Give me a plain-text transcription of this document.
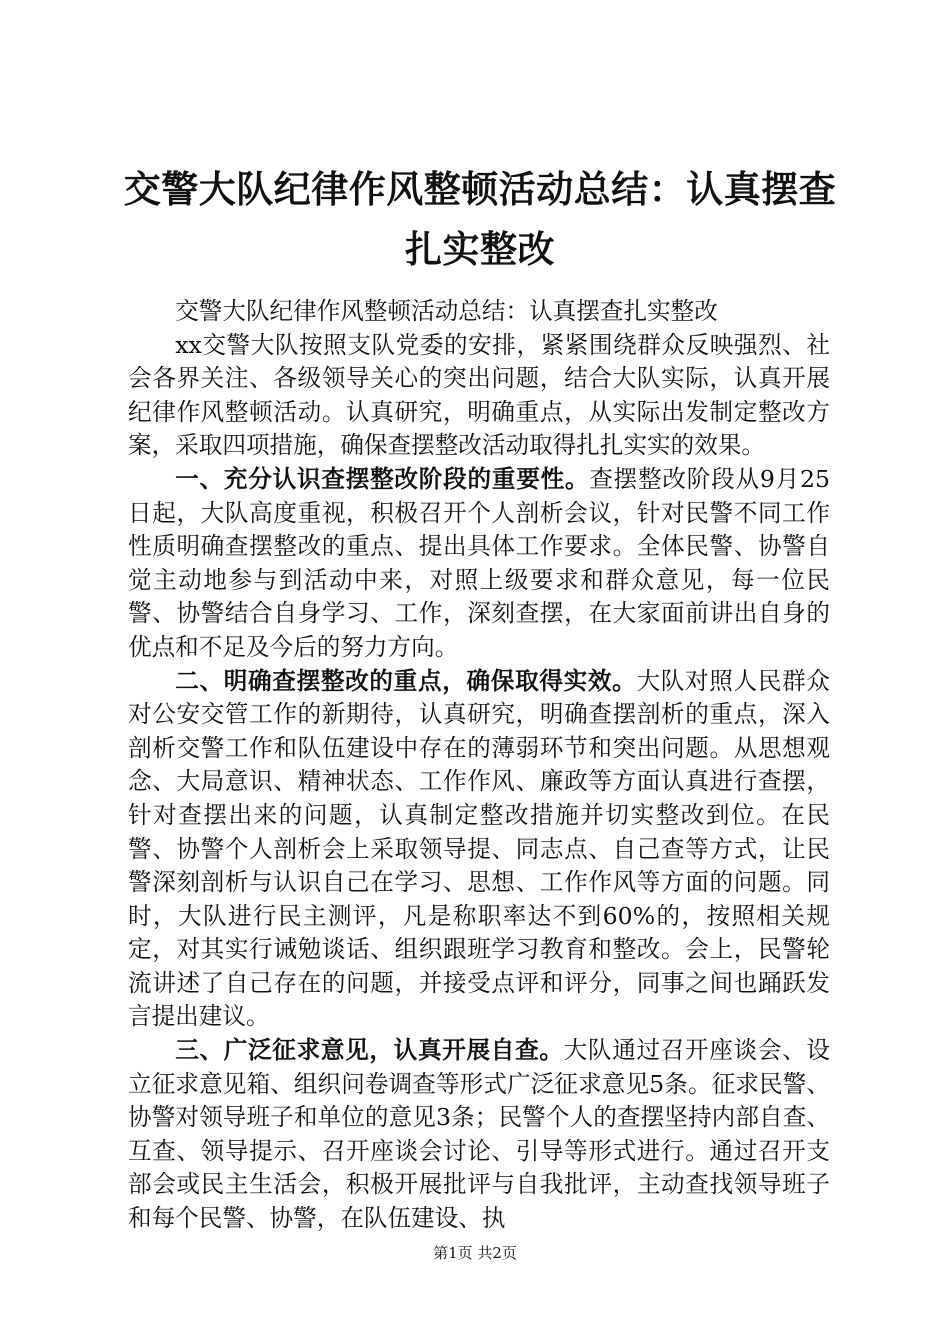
交警大队纪律作风整顿活动总结：认真摆查扎实整改

交警大队纪律作风整顿活动总结：认真摆查扎实整改

xx交警大队按照支队党委的安排，紧紧围绕群众反映强烈、社会各界关注、各级领导关心的突出问题，结合大队实际，认真开展纪律作风整顿活动。认真研究，明确重点，从实际出发制定整改方案，采取四项措施，确保查摆整改活动取得扎扎实实的效果。

一、充分认识查摆整改阶段的重要性。查摆整改阶段从9月25日起，大队高度重视，积极召开个人剖析会议，针对民警不同工作性质明确查摆整改的重点、提出具体工作要求。全体民警、协警自觉主动地参与到活动中来，对照上级要求和群众意见，每一位民警、协警结合自身学习、工作，深刻查摆，在大家面前讲出自身的优点和不足及今后的努力方向。

二、明确查摆整改的重点，确保取得实效。大队对照人民群众对公安交管工作的新期待，认真研究，明确查摆剖析的重点，深入剖析交警工作和队伍建设中存在的薄弱环节和突出问题。从思想观念、大局意识、精神状态、工作作风、廉政等方面认真进行查摆，针对查摆出来的问题，认真制定整改措施并切实整改到位。在民警、协警个人剖析会上采取领导提、同志点、自己查等方式，让民警深刻剖析与认识自己在学习、思想、工作作风等方面的问题。同时，大队进行民主测评，凡是称职率达不到60%的，按照相关规定，对其实行诫勉谈话、组织跟班学习教育和整改。会上，民警轮流讲述了自己存在的问题，并接受点评和评分，同事之间也踊跃发言提出建议。

三、广泛征求意见，认真开展自查。大队通过召开座谈会、设立征求意见箱、组织问卷调查等形式广泛征求意见5条。征求民警、协警对领导班子和单位的意见3条；民警个人的查摆坚持内部自查、互查、领导提示、召开座谈会讨论、引导等形式进行。通过召开支部会或民主生活会，积极开展批评与自我批评，主动查找领导班子和每个民警、协警，在队伍建设、执

第1页 共2页
